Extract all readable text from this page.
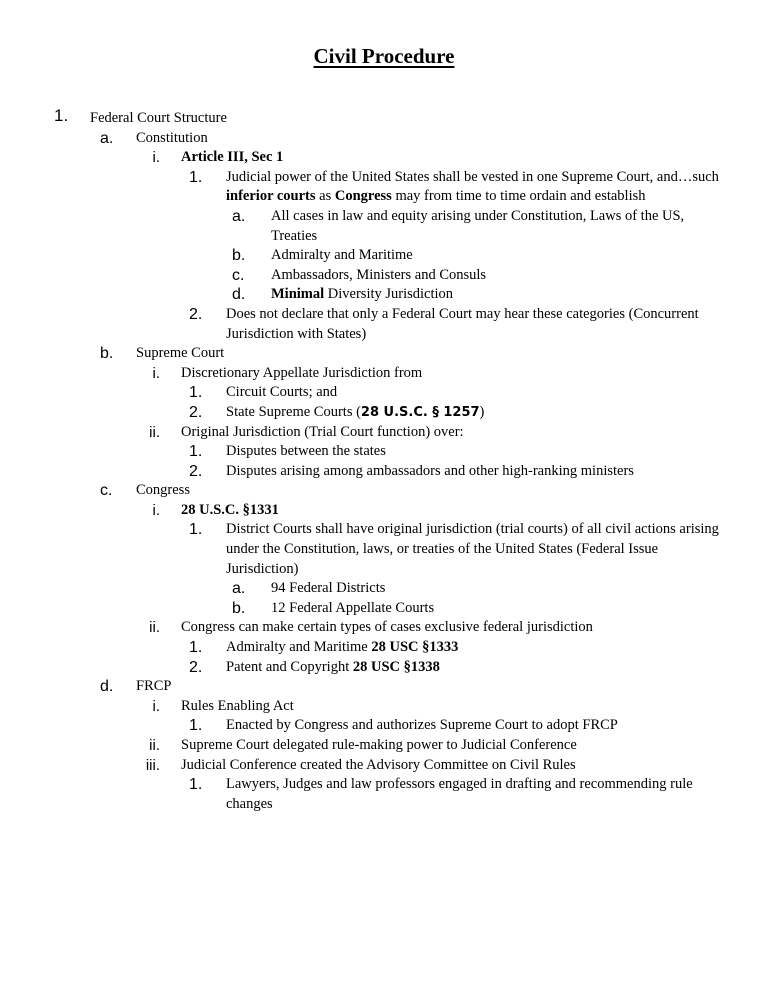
Civil Procedure
1. Federal Court Structure
a. Constitution
i. Article III, Sec 1
1. Judicial power of the United States shall be vested in one Supreme Court, and…such inferior courts as Congress may from time to time ordain and establish
a. All cases in law and equity arising under Constitution, Laws of the US, Treaties
b. Admiralty and Maritime
c. Ambassadors, Ministers and Consuls
d. Minimal Diversity Jurisdiction
2. Does not declare that only a Federal Court may hear these categories (Concurrent Jurisdiction with States)
b. Supreme Court
i. Discretionary Appellate Jurisdiction from
1. Circuit Courts; and
2. State Supreme Courts (28 U.S.C. § 1257)
ii. Original Jurisdiction (Trial Court function) over:
1. Disputes between the states
2. Disputes arising among ambassadors and other high-ranking ministers
c. Congress
i. 28 U.S.C. §1331
1. District Courts shall have original jurisdiction (trial courts) of all civil actions arising under the Constitution, laws, or treaties of the United States (Federal Issue Jurisdiction)
a. 94 Federal Districts
b. 12 Federal Appellate Courts
ii. Congress can make certain types of cases exclusive federal jurisdiction
1. Admiralty and Maritime 28 USC §1333
2. Patent and Copyright 28 USC §1338
d. FRCP
i. Rules Enabling Act
1. Enacted by Congress and authorizes Supreme Court to adopt FRCP
ii. Supreme Court delegated rule-making power to Judicial Conference
iii. Judicial Conference created the Advisory Committee on Civil Rules
1. Lawyers, Judges and law professors engaged in drafting and recommending rule changes
